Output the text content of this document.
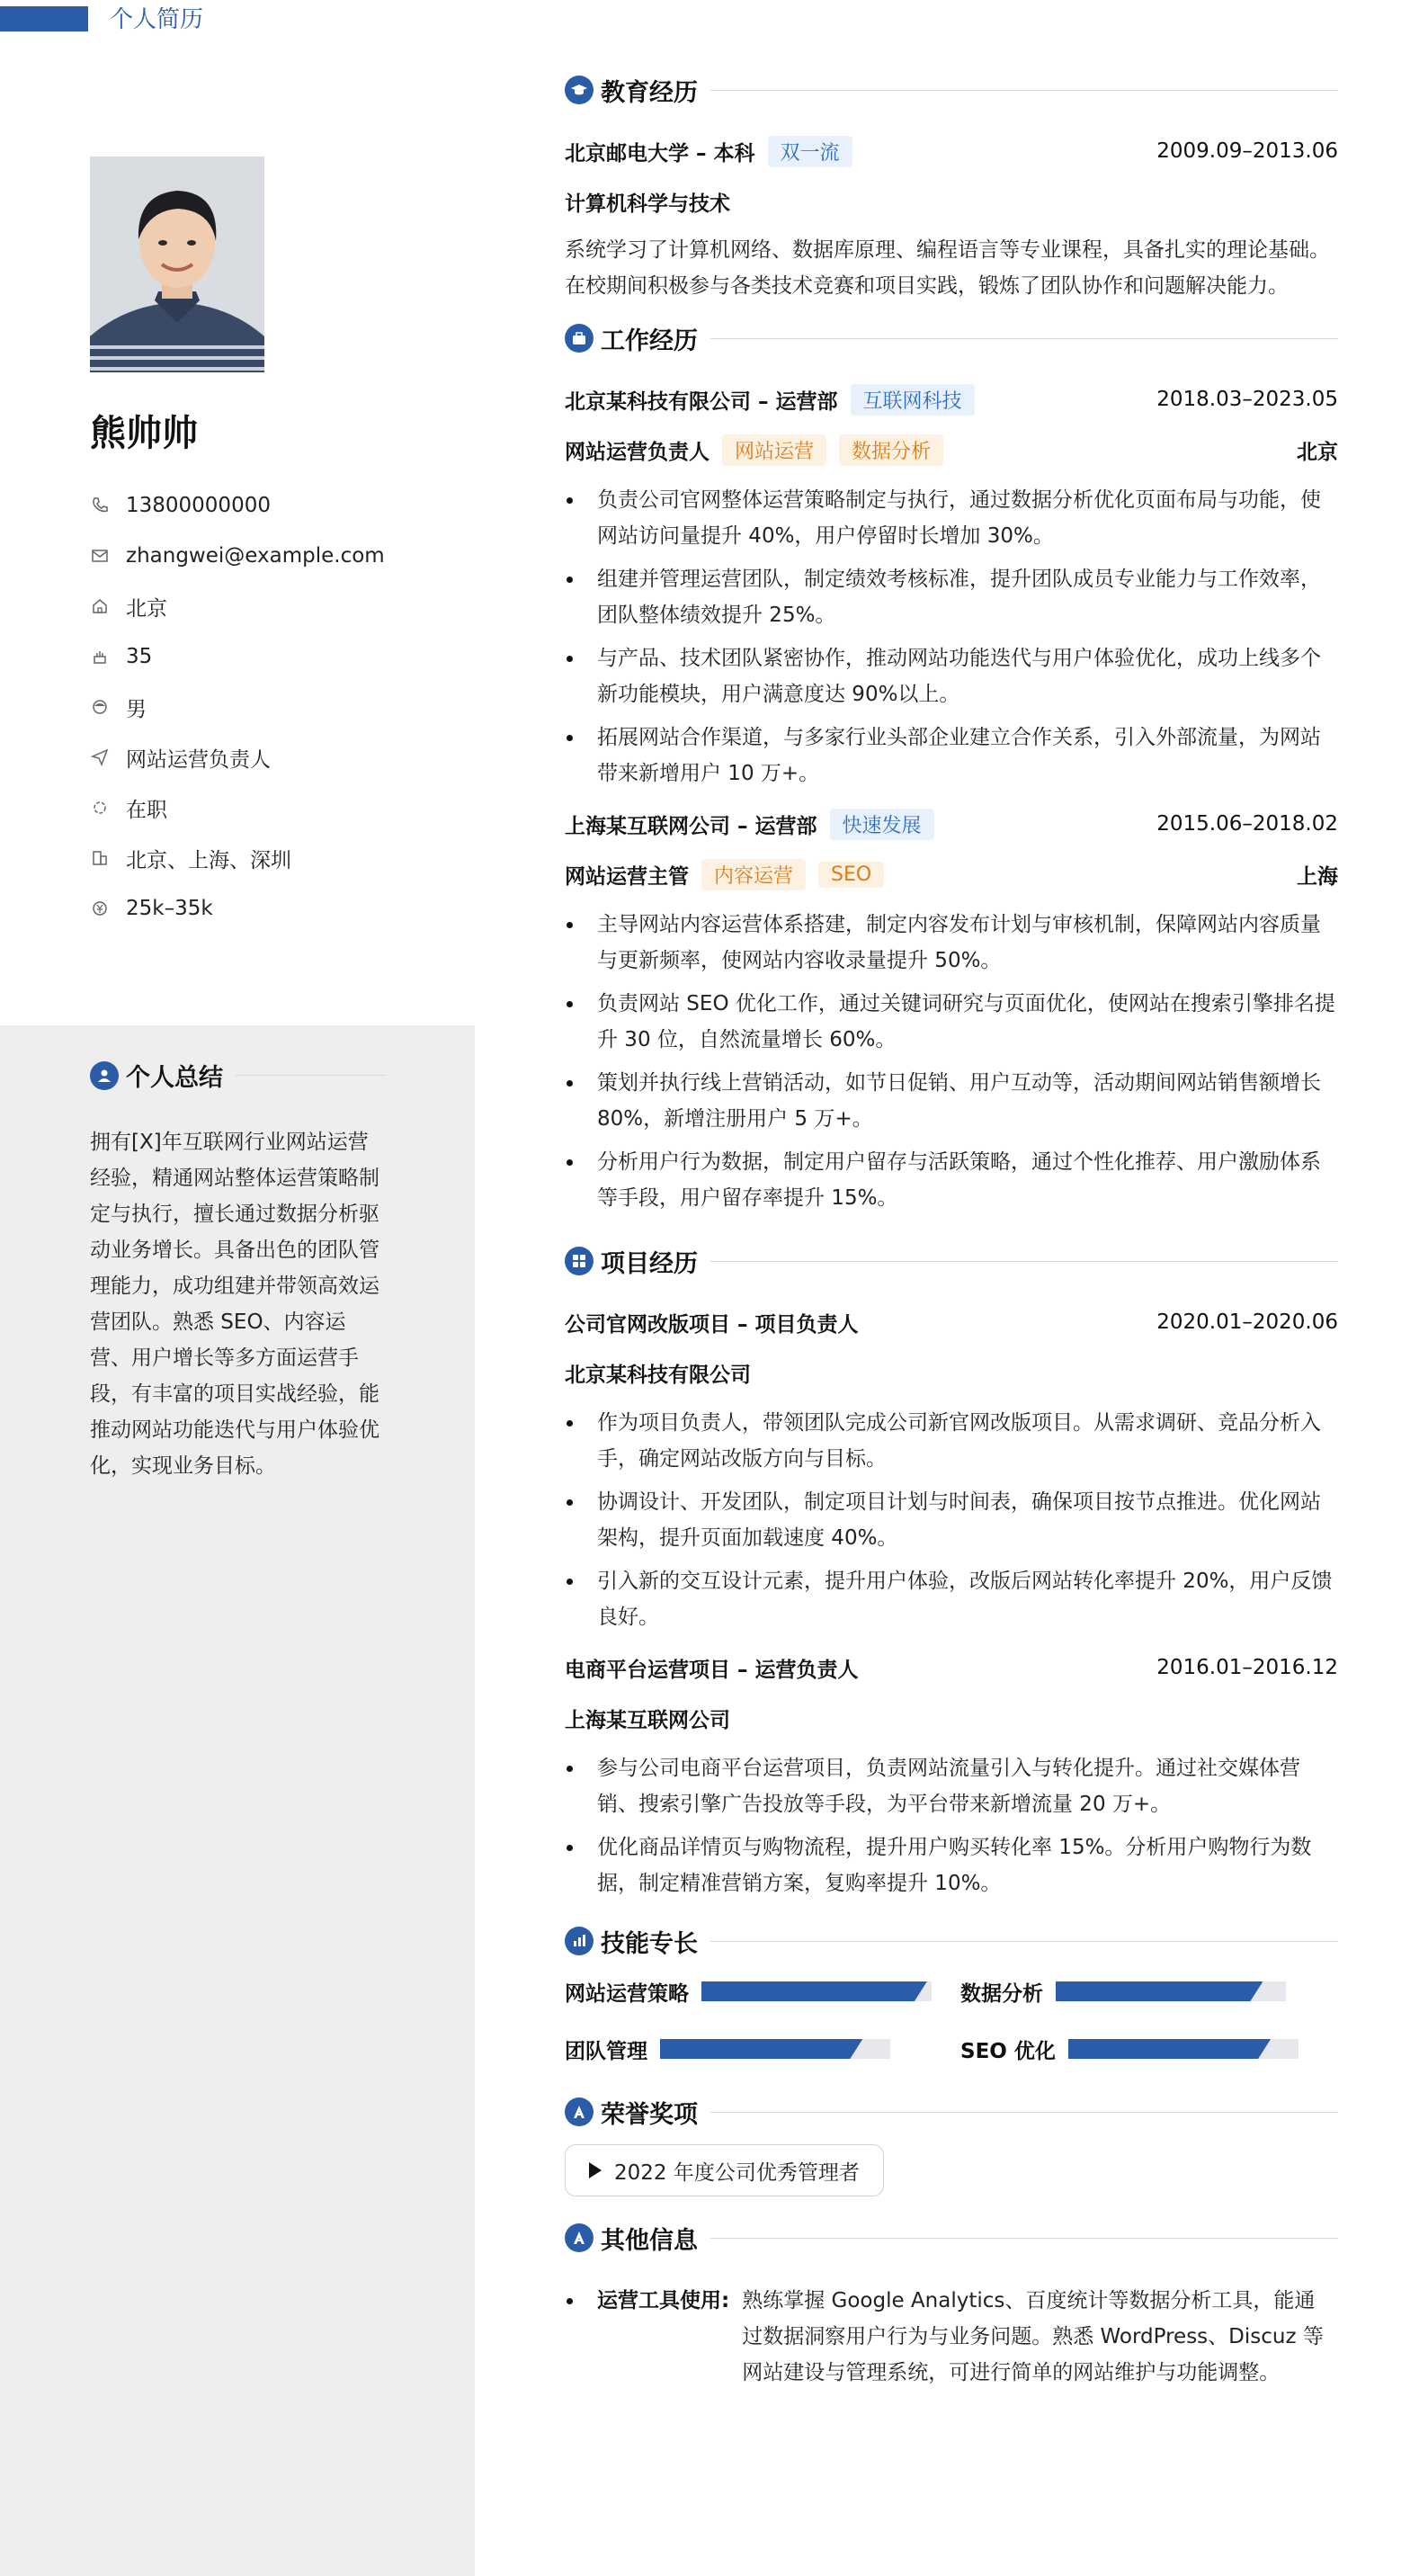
个人简历
熊帅帅
13800000000
zhangwei@example.com
北京
35
男
网站运营负责人
在职
北京、上海、深圳
25k–35k
个人总结
拥有[X]年互联网行业网站运营经验，精通网站整体运营策略制定与执行，擅长通过数据分析驱动业务增长。具备出色的团队管理能力，成功组建并带领高效运营团队。熟悉 SEO、内容运营、用户增长等多方面运营手段，有丰富的项目实战经验，能推动网站功能迭代与用户体验优化，实现业务目标。
教育经历
北京邮电大学 – 本科	双一流	2009.09–2013.06
计算机科学与技术
系统学习了计算机网络、数据库原理、编程语言等专业课程，具备扎实的理论基础。在校期间积极参与各类技术竞赛和项目实践，锻炼了团队协作和问题解决能力。
工作经历
北京某科技有限公司 – 运营部	互联网科技	2018.03–2023.05
网站运营负责人	网站运营	数据分析	北京
负责公司官网整体运营策略制定与执行，通过数据分析优化页面布局与功能，使网站访问量提升 40%，用户停留时长增加 30%。
组建并管理运营团队，制定绩效考核标准，提升团队成员专业能力与工作效率，团队整体绩效提升 25%。
与产品、技术团队紧密协作，推动网站功能迭代与用户体验优化，成功上线多个新功能模块，用户满意度达 90%以上。
拓展网站合作渠道，与多家行业头部企业建立合作关系，引入外部流量，为网站带来新增用户 10 万+。
上海某互联网公司 – 运营部	快速发展	2015.06–2018.02
网站运营主管	内容运营	SEO	上海
主导网站内容运营体系搭建，制定内容发布计划与审核机制，保障网站内容质量与更新频率，使网站内容收录量提升 50%。
负责网站 SEO 优化工作，通过关键词研究与页面优化，使网站在搜索引擎排名提升 30 位，自然流量增长 60%。
策划并执行线上营销活动，如节日促销、用户互动等，活动期间网站销售额增长 80%，新增注册用户 5 万+。
分析用户行为数据，制定用户留存与活跃策略，通过个性化推荐、用户激励体系等手段，用户留存率提升 15%。
项目经历
公司官网改版项目 – 项目负责人	2020.01–2020.06
北京某科技有限公司
作为项目负责人，带领团队完成公司新官网改版项目。从需求调研、竞品分析入手，确定网站改版方向与目标。
协调设计、开发团队，制定项目计划与时间表，确保项目按节点推进。优化网站架构，提升页面加载速度 40%。
引入新的交互设计元素，提升用户体验，改版后网站转化率提升 20%，用户反馈良好。
电商平台运营项目 – 运营负责人	2016.01–2016.12
上海某互联网公司
参与公司电商平台运营项目，负责网站流量引入与转化提升。通过社交媒体营销、搜索引擎广告投放等手段，为平台带来新增流量 20 万+。
优化商品详情页与购物流程，提升用户购买转化率 15%。分析用户购物行为数据，制定精准营销方案，复购率提升 10%。
技能专长
网站运营策略	数据分析
团队管理	SEO 优化
荣誉奖项
2022 年度公司优秀管理者
其他信息
运营工具使用: 熟练掌握 Google Analytics、百度统计等数据分析工具，能通过数据洞察用户行为与业务问题。熟悉 WordPress、Discuz 等网站建设与管理系统，可进行简单的网站维护与功能调整。
